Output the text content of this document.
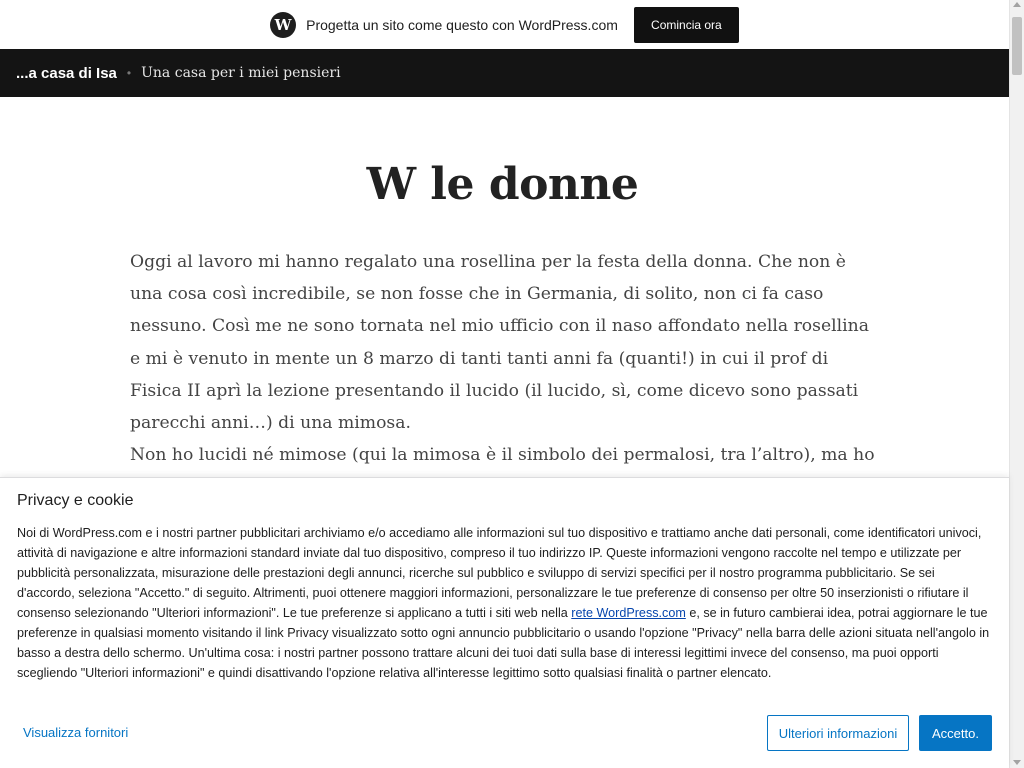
W	Progetta un sito come questo con WordPress.com	Comincia ora
...a casa di Isa • Una casa per i miei pensieri
W le donne

Oggi al lavoro mi hanno regalato una rosellina per la festa della donna. Che non è una cosa così incredibile, se non fosse che in Germania, di solito, non ci fa caso nessuno. Così me ne sono tornata nel mio ufficio con il naso affondato nella rosellina e mi è venuto in mente un 8 marzo di tanti tanti anni fa (quanti!) in cui il prof di Fisica II aprì la lezione presentando il lucido (il lucido, sì, come dicevo sono passati parecchi anni…) di una mimosa.

Non ho lucidi né mimose (qui la mimosa è il simbolo dei permalosi, tra l’altro), ma ho

Privacy e cookie
Noi di WordPress.com e i nostri partner pubblicitari archiviamo e/o accediamo alle informazioni sul tuo dispositivo e trattiamo anche dati personali, come identificatori univoci, attività di navigazione e altre informazioni standard inviate dal tuo dispositivo, compreso il tuo indirizzo IP. Queste informazioni vengono raccolte nel tempo e utilizzate per pubblicità personalizzata, misurazione delle prestazioni degli annunci, ricerche sul pubblico e sviluppo di servizi specifici per il nostro programma pubblicitario. Se sei d'accordo, seleziona "Accetto." di seguito. Altrimenti, puoi ottenere maggiori informazioni, personalizzare le tue preferenze di consenso per oltre 50 inserzionisti o rifiutare il consenso selezionando "Ulteriori informazioni". Le tue preferenze si applicano a tutti i siti web nella rete WordPress.com e, se in futuro cambierai idea, potrai aggiornare le tue preferenze in qualsiasi momento visitando il link Privacy visualizzato sotto ogni annuncio pubblicitario o usando l'opzione "Privacy" nella barra delle azioni situata nell'angolo in basso a destra dello schermo. Un'ultima cosa: i nostri partner possono trattare alcuni dei tuoi dati sulla base di interessi legittimi invece del consenso, ma puoi opporti scegliendo "Ulteriori informazioni" e quindi disattivando l'opzione relativa all'interesse legittimo sotto qualsiasi finalità o partner elencato.
Visualizza fornitori	Ulteriori informazioni	Accetto.
